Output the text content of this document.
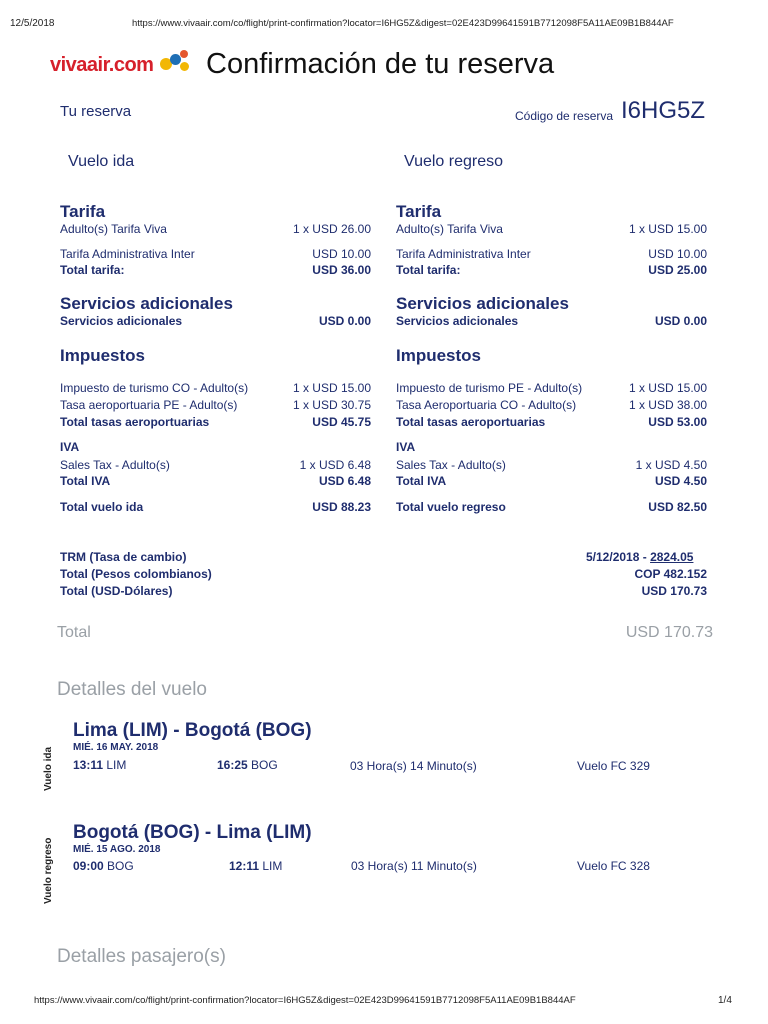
12/5/2018	https://www.vivaair.com/co/flight/print-confirmation?locator=I6HG5Z&digest=02E423D99641591B7712098F5A11AE09B1B844AF
vivaair.com Confirmación de tu reserva
Tu reserva	Código de reserva I6HG5Z
Vuelo ida
Tarifa
Adulto(s) Tarifa Viva	1 x USD 26.00
Tarifa Administrativa Inter	USD 10.00
Total tarifa:	USD 36.00
Servicios adicionales
Servicios adicionales	USD 0.00
Impuestos
Impuesto de turismo CO - Adulto(s)	1 x USD 15.00
Tasa aeroportuaria PE - Adulto(s)	1 x USD 30.75
Total tasas aeroportuarias	USD 45.75
IVA
Sales Tax - Adulto(s)	1 x USD 6.48
Total IVA	USD 6.48
Total vuelo ida	USD 88.23
Vuelo regreso
Tarifa
Adulto(s) Tarifa Viva	1 x USD 15.00
Tarifa Administrativa Inter	USD 10.00
Total tarifa:	USD 25.00
Servicios adicionales
Servicios adicionales	USD 0.00
Impuestos
Impuesto de turismo PE - Adulto(s)	1 x USD 15.00
Tasa Aeroportuaria CO - Adulto(s)	1 x USD 38.00
Total tasas aeroportuarias	USD 53.00
IVA
Sales Tax - Adulto(s)	1 x USD 4.50
Total IVA	USD 4.50
Total vuelo regreso	USD 82.50
TRM (Tasa de cambio)	5/12/2018 - 2824.05
Total (Pesos colombianos)	COP 482.152
Total (USD-Dólares)	USD 170.73
Total	USD 170.73
Detalles del vuelo
Vuelo ida
Lima (LIM) - Bogotá (BOG)
MIÉ. 16 MAY. 2018
13:11 LIM	16:25 BOG	03 Hora(s) 14 Minuto(s)	Vuelo FC 329
Vuelo regreso
Bogotá (BOG) - Lima (LIM)
MIÉ. 15 AGO. 2018
09:00 BOG	12:11 LIM	03 Hora(s) 11 Minuto(s)	Vuelo FC 328
Detalles pasajero(s)
https://www.vivaair.com/co/flight/print-confirmation?locator=I6HG5Z&digest=02E423D99641591B7712098F5A11AE09B1B844AF	1/4
